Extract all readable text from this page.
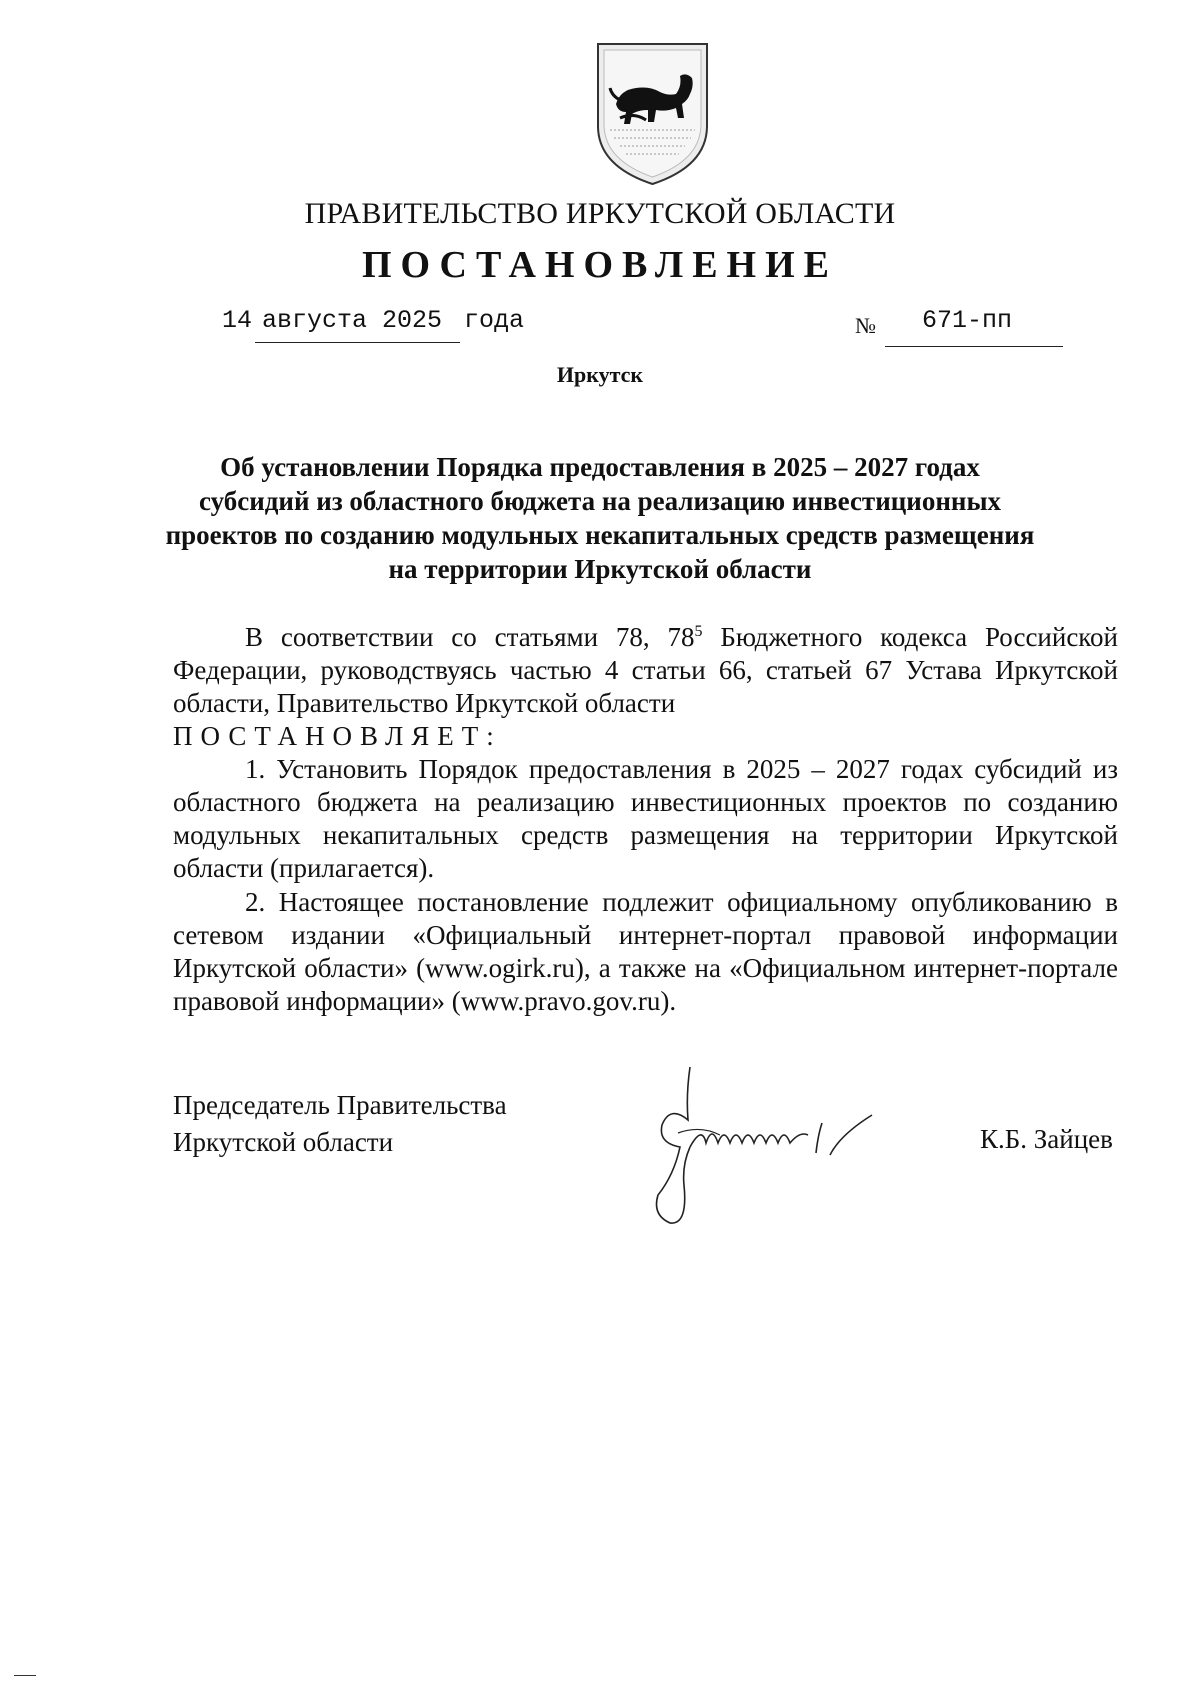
ПРАВИТЕЛЬСТВО ИРКУТСКОЙ ОБЛАСТИ
ПОСТАНОВЛЕНИЕ
14 августа 2025 года	№ 671-пп
Иркутск
Об установлении Порядка предоставления в 2025 – 2027 годах
субсидий из областного бюджета на реализацию инвестиционных
проектов по созданию модульных некапитальных средств размещения
на территории Иркутской области

В соответствии со статьями 78, $78^5$ Бюджетного кодекса Российской Федерации, руководствуясь частью 4 статьи 66, статьей 67 Устава Иркутской области, Правительство Иркутской области

ПОСТАНОВЛЯЕТ:

1. Установить Порядок предоставления в 2025 – 2027 годах субсидий из областного бюджета на реализацию инвестиционных проектов по созданию модульных некапитальных средств размещения на территории Иркутской области (прилагается).

2. Настоящее постановление подлежит официальному опубликованию в сетевом издании «Официальный интернет-портал правовой информации Иркутской области» (www.ogirk.ru), а также на «Официальном интернет-портале правовой информации» (www.pravo.gov.ru).

Председатель Правительства
Иркутской области	К.Б. Зайцев
